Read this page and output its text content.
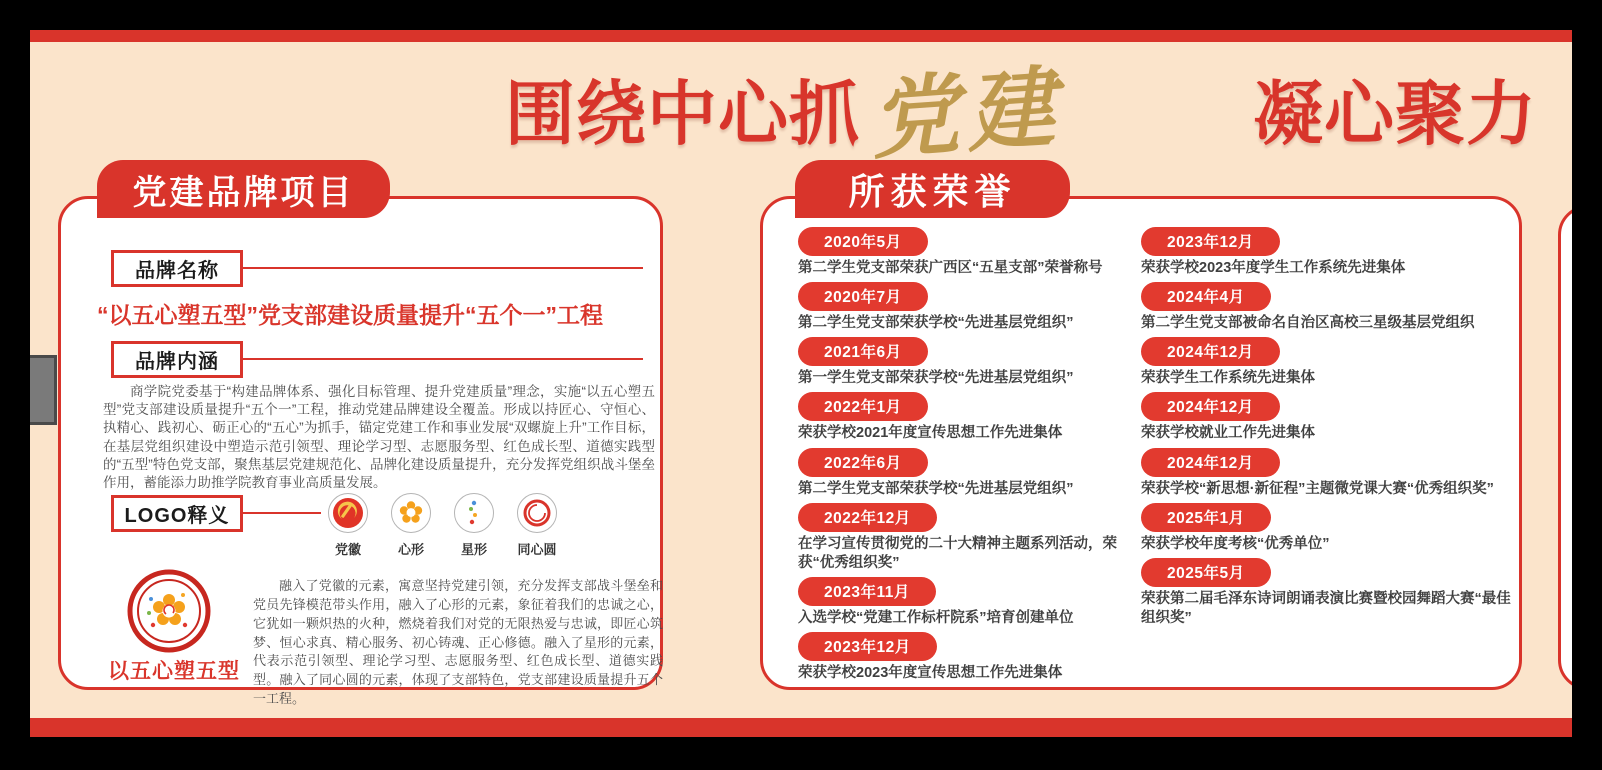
围绕中心抓党建	凝心聚力
党建品牌项目
品牌名称
“以五心塑五型”党支部建设质量提升“五个一”工程
品牌内涵
商学院党委基于“构建品牌体系、强化目标管理、提升党建质量”理念，实施“以五心塑五型”党支部建设质量提升“五个一”工程，推动党建品牌建设全覆盖。形成以持匠心、守恒心、执精心、践初心、砺正心的“五心”为抓手，锚定党建工作和事业发展“双螺旋上升”工作目标，在基层党组织建设中塑造示范引领型、理论学习型、志愿服务型、红色成长型、道德实践型的“五型”特色党支部，聚焦基层党建规范化、品牌化建设质量提升，充分发挥党组织战斗堡垒作用，蓄能添力助推学院教育事业高质量发展。
LOGO释义
党徽	心形	星形	同心圆
以五心塑五型
融入了党徽的元素，寓意坚持党建引领，充分发挥支部战斗堡垒和党员先锋模范带头作用，融入了心形的元素，象征着我们的忠诚之心，它犹如一颗炽热的火种，燃烧着我们对党的无限热爱与忠诚，即匠心筑梦、恒心求真、精心服务、初心铸魂、正心修德。融入了星形的元素，代表示范引领型、理论学习型、志愿服务型、红色成长型、道德实践型。融入了同心圆的元素，体现了支部特色，党支部建设质量提升五个一工程。
所获荣誉
2020年5月
第二学生党支部荣获广西区“五星支部”荣誉称号
2020年7月
第二学生党支部荣获学校“先进基层党组织”
2021年6月
第一学生党支部荣获学校“先进基层党组织”
2022年1月
荣获学校2021年度宣传思想工作先进集体
2022年6月
第二学生党支部荣获学校“先进基层党组织”
2022年12月
在学习宣传贯彻党的二十大精神主题系列活动，荣获“优秀组织奖”
2023年11月
入选学校“党建工作标杆院系”培育创建单位
2023年12月
荣获学校2023年度宣传思想工作先进集体
2023年12月
荣获学校2023年度学生工作系统先进集体
2024年4月
第二学生党支部被命名自治区高校三星级基层党组织
2024年12月
荣获学生工作系统先进集体
2024年12月
荣获学校就业工作先进集体
2024年12月
荣获学校“新思想·新征程”主题微党课大赛“优秀组织奖”
2025年1月
荣获学校年度考核“优秀单位”
2025年5月
荣获第二届毛泽东诗词朗诵表演比赛暨校园舞蹈大赛“最佳组织奖”
